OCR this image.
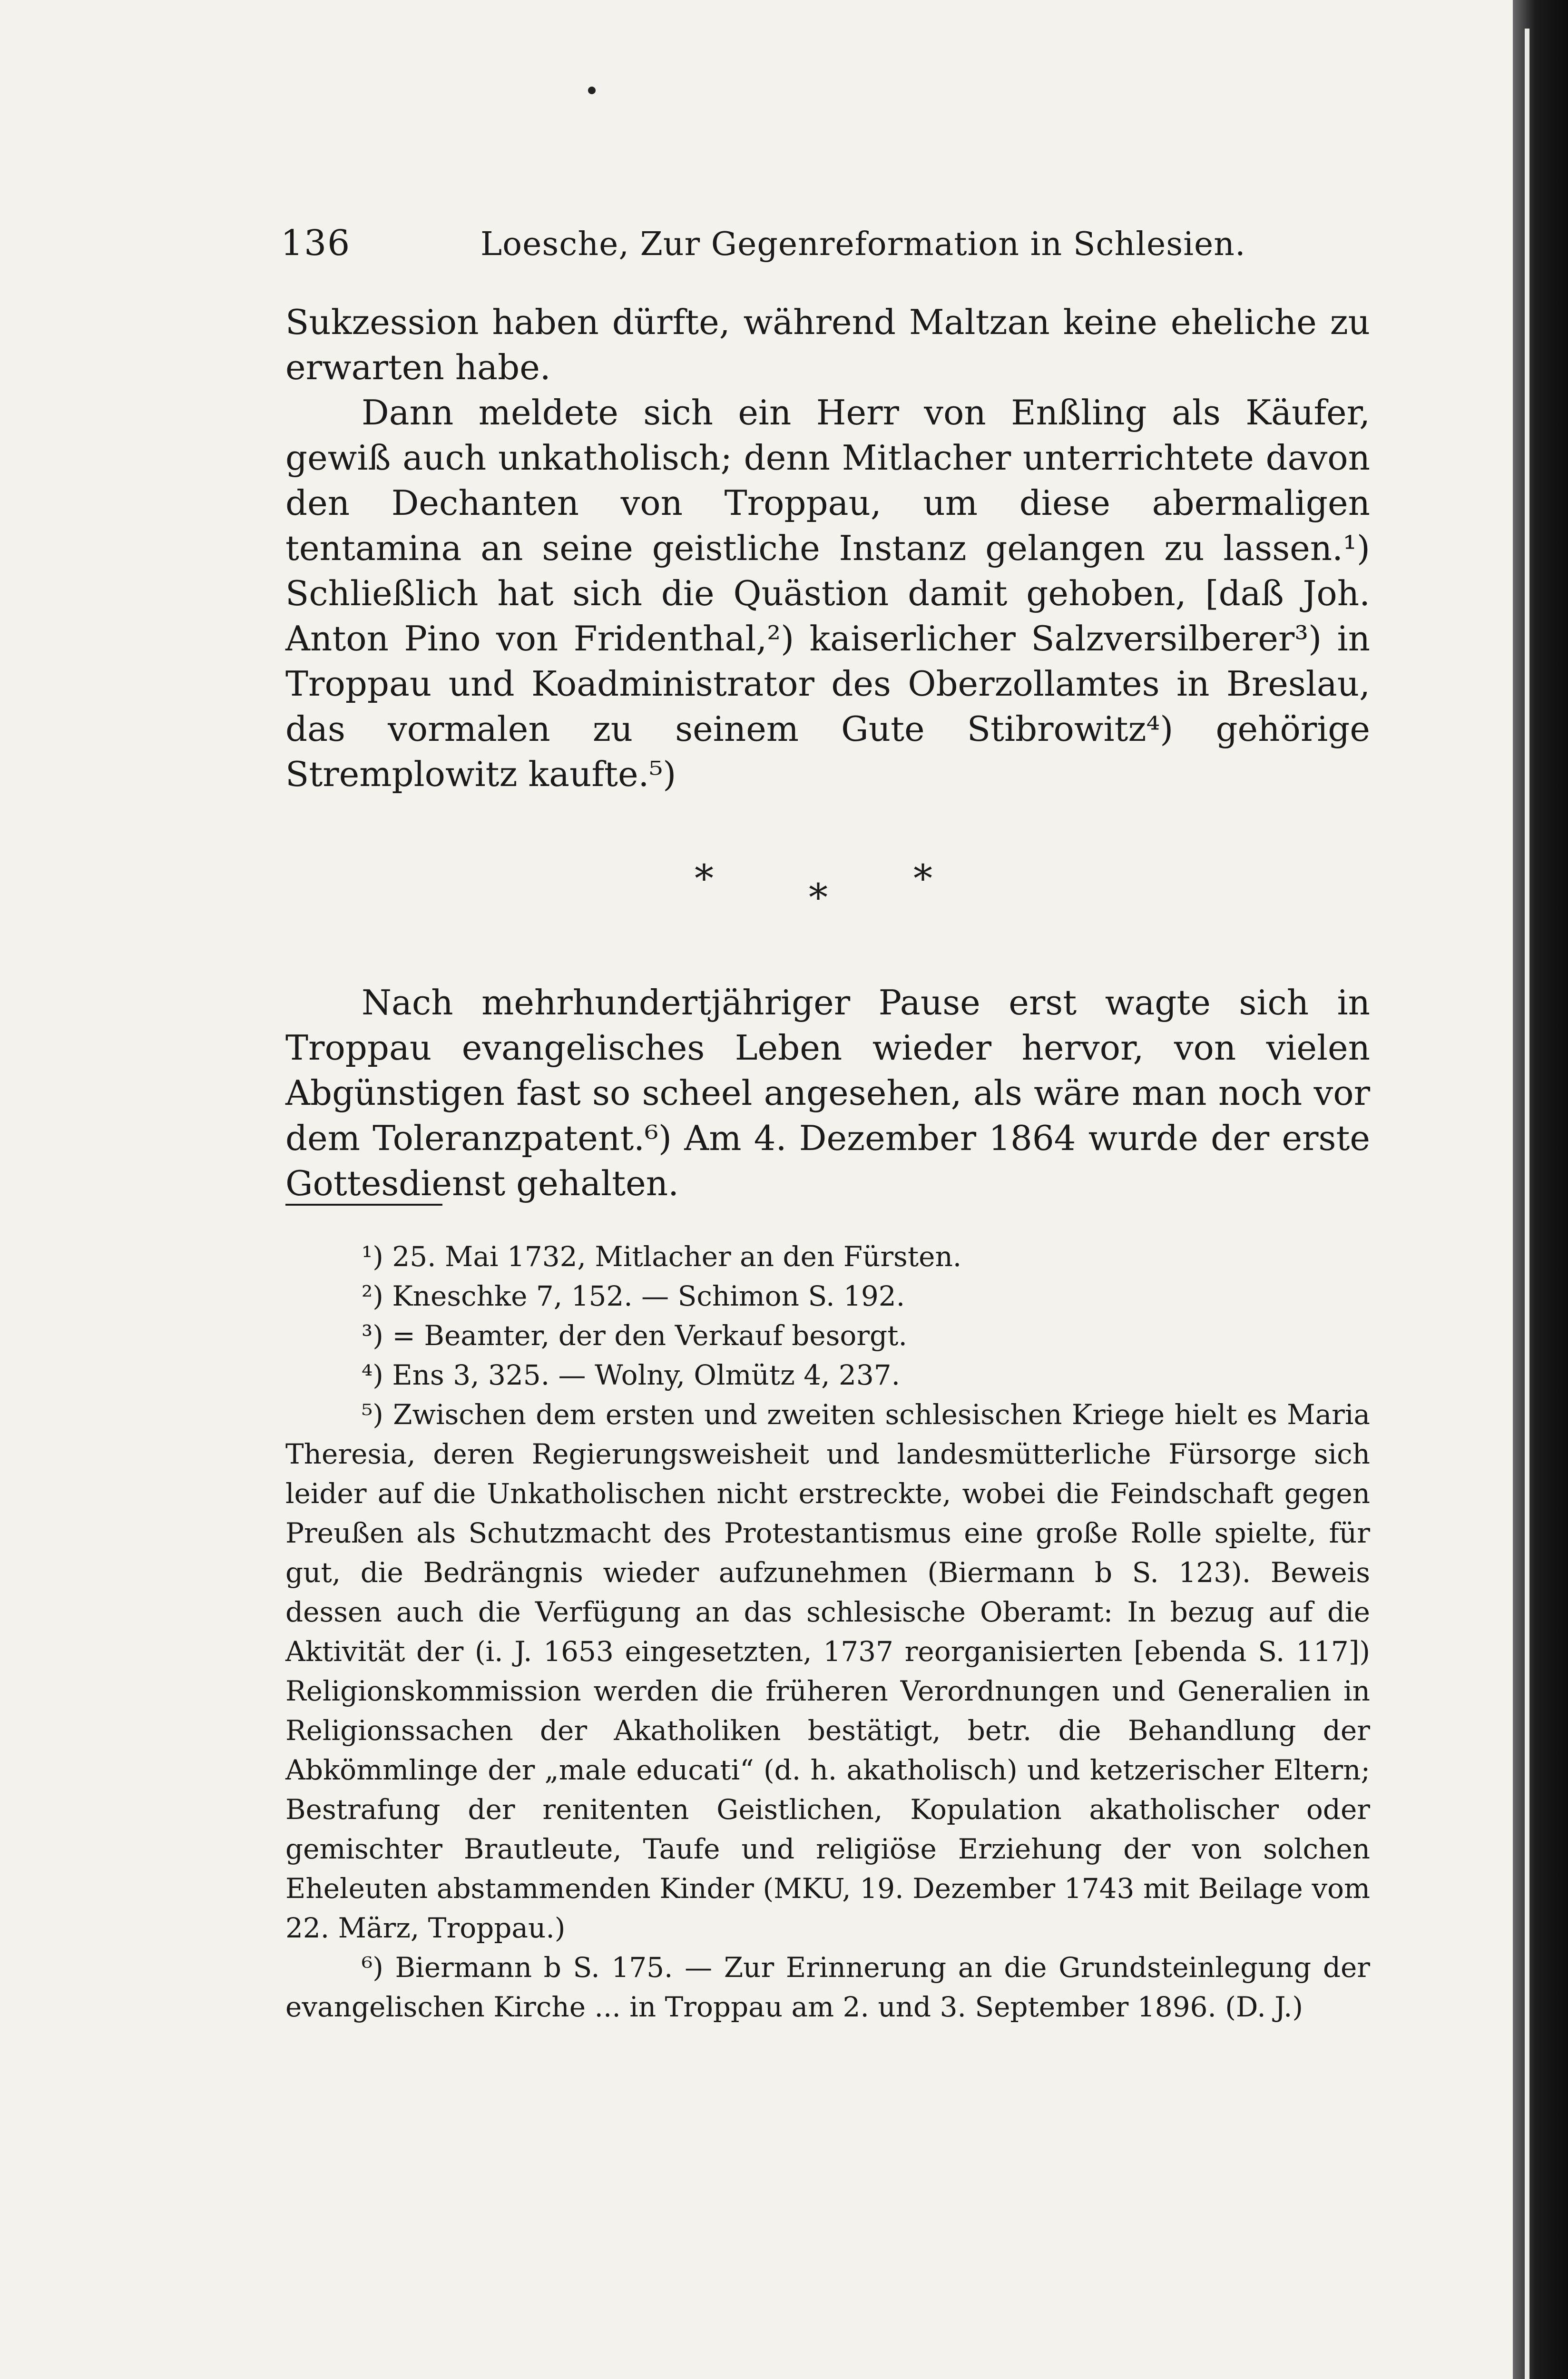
136	Loesche, Zur Gegenreformation in Schlesien.

Sukzession haben dürfte, während Maltzan keine eheliche zu erwarten habe.

Dann meldete sich ein Herr von Enßling als Käufer, gewiß auch unkatholisch; denn Mitlacher unterrichtete davon den Dechanten von Troppau, um diese abermaligen tentamina an seine geistliche Instanz gelangen zu lassen.¹) Schließlich hat sich die Quästion damit gehoben, [daß Joh. Anton Pino von Fridenthal,²) kaiserlicher Salzversilberer³) in Troppau und Koadministrator des Oberzollamtes in Breslau, das vormalen zu seinem Gute Stibrowitz⁴) gehörige Stremplowitz kaufte.⁵)

*	* *

Nach mehrhundertjähriger Pause erst wagte sich in Troppau evangelisches Leben wieder hervor, von vielen Abgünstigen fast so scheel angesehen, als wäre man noch vor dem Toleranzpatent.⁶) Am 4. Dezember 1864 wurde der erste Gottesdienst gehalten.

¹) 25. Mai 1732, Mitlacher an den Fürsten.

²) Kneschke 7, 152. — Schimon S. 192.

³) = Beamter, der den Verkauf besorgt.

⁴) Ens 3, 325. — Wolny, Olmütz 4, 237.

⁵) Zwischen dem ersten und zweiten schlesischen Kriege hielt es Maria Theresia, deren Regierungsweisheit und landesmütterliche Fürsorge sich leider auf die Unkatholischen nicht erstreckte, wobei die Feindschaft gegen Preußen als Schutzmacht des Protestantismus eine große Rolle spielte, für gut, die Bedrängnis wieder aufzunehmen (Biermann b S. 123). Beweis dessen auch die Verfügung an das schlesische Oberamt: In bezug auf die Aktivität der (i. J. 1653 eingesetzten, 1737 reorganisierten [ebenda S. 117]) Religionskommission werden die früheren Verordnungen und Generalien in Religionssachen der Akatholiken bestätigt, betr. die Behandlung der Abkömmlinge der „male educati“ (d. h. akatholisch) und ketzerischer Eltern; Bestrafung der renitenten Geistlichen, Kopulation akatholischer oder gemischter Brautleute, Taufe und religiöse Erziehung der von solchen Eheleuten abstammenden Kinder (MKU, 19. Dezember 1743 mit Beilage vom 22. März, Troppau.)

⁶) Biermann b S. 175. — Zur Erinnerung an die Grundsteinlegung der evangelischen Kirche ... in Troppau am 2. und 3. September 1896. (D. J.)
